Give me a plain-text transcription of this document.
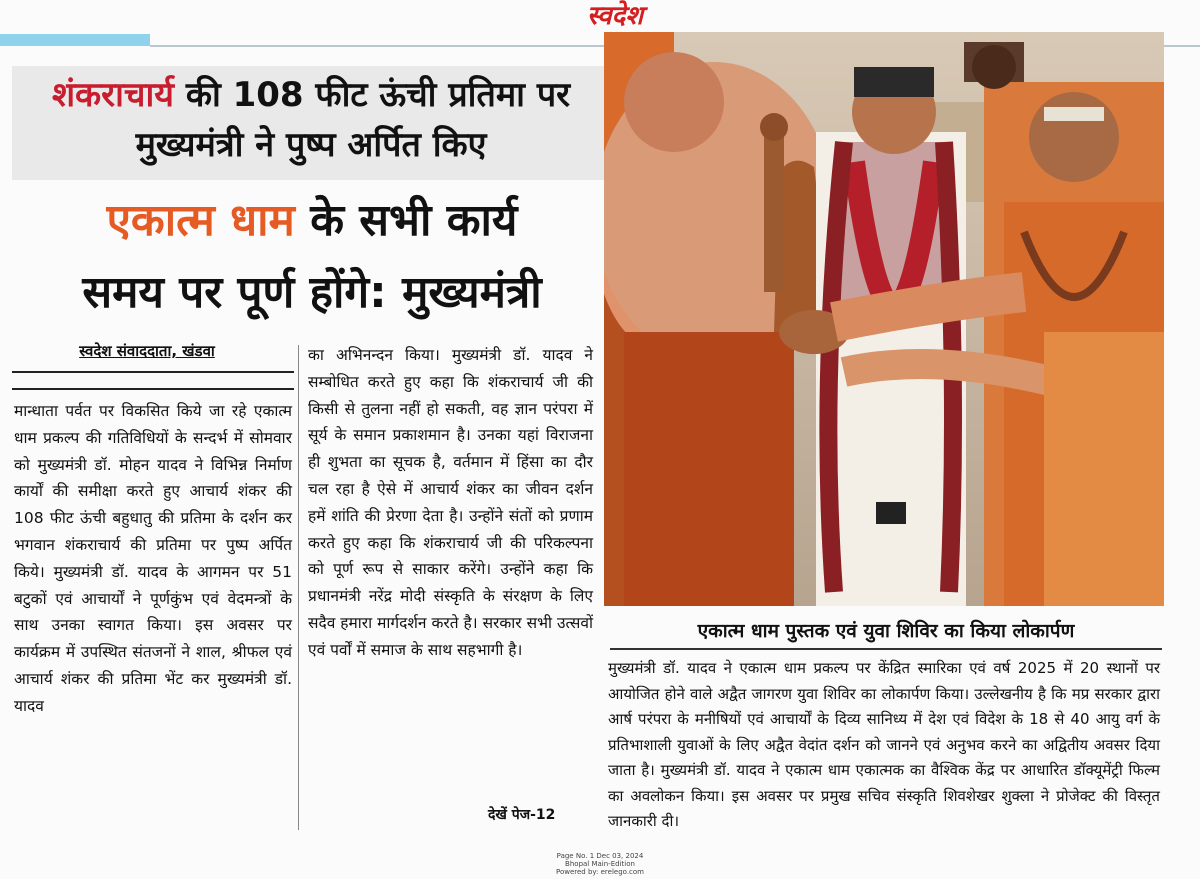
स्वदेश
शंकराचार्य की 108 फीट ऊंची प्रतिमा पर
मुख्यमंत्री ने पुष्प अर्पित किए
एकात्म धाम के सभी कार्य
समय पर पूर्ण होंगे: मुख्यमंत्री
स्वदेश संवाददाता, खंडवा
मान्धाता पर्वत पर विकसित किये जा रहे एकात्म धाम प्रकल्प की गतिविधियों के सन्दर्भ में सोमवार को मुख्यमंत्री डॉ. मोहन यादव ने विभिन्न निर्माण कार्यों की समीक्षा करते हुए आचार्य शंकर की 108 फीट ऊंची बहुधातु की प्रतिमा के दर्शन कर भगवान शंकराचार्य की प्रतिमा पर पुष्प अर्पित किये। मुख्यमंत्री डॉ. यादव के आगमन पर 51 बटुकों एवं आचार्यों ने पूर्णकुंभ एवं वेदमन्त्रों के साथ उनका स्वागत किया। इस अवसर पर कार्यक्रम में उपस्थित संतजनों ने शाल, श्रीफल एवं आचार्य शंकर की प्रतिमा भेंट कर मुख्यमंत्री डॉ. यादव
का अभिनन्दन किया। मुख्यमंत्री डॉ. यादव ने सम्बोधित करते हुए कहा कि शंकराचार्य जी की किसी से तुलना नहीं हो सकती, वह ज्ञान परंपरा में सूर्य के समान प्रकाशमान है। उनका यहां विराजना ही शुभता का सूचक है, वर्तमान में हिंसा का दौर चल रहा है ऐसे में आचार्य शंकर का जीवन दर्शन हमें शांति की प्रेरणा देता है। उन्होंने संतों को प्रणाम करते हुए कहा कि शंकराचार्य जी की परिकल्पना को पूर्ण रूप से साकार करेंगे। उन्होंने कहा कि प्रधानमंत्री नरेंद्र मोदी संस्कृति के संरक्षण के लिए सदैव हमारा मार्गदर्शन करते है। सरकार सभी उत्सवों एवं पर्वों में समाज के साथ सहभागी है।
देखें पेज-12
एकात्म धाम पुस्तक एवं युवा शिविर का किया लोकार्पण
मुख्यमंत्री डॉ. यादव ने एकात्म धाम प्रकल्प पर केंद्रित स्मारिका एवं वर्ष 2025 में 20 स्थानों पर आयोजित होने वाले अद्वैत जागरण युवा शिविर का लोकार्पण किया। उल्लेखनीय है कि मप्र सरकार द्वारा आर्ष परंपरा के मनीषियों एवं आचार्यों के दिव्य सानिध्य में देश एवं विदेश के 18 से 40 आयु वर्ग के प्रतिभाशाली युवाओं के लिए अद्वैत वेदांत दर्शन को जानने एवं अनुभव करने का अद्वितीय अवसर दिया जाता है। मुख्यमंत्री डॉ. यादव ने एकात्म धाम एकात्मक का वैश्विक केंद्र पर आधारित डॉक्यूमेंट्री फिल्म का अवलोकन किया। इस अवसर पर प्रमुख सचिव संस्कृति शिवशेखर शुक्ला ने प्रोजेक्ट की विस्तृत जानकारी दी।
Page No. 1 Dec 03, 2024
Bhopal Main-Edition
Powered by: erelego.com
